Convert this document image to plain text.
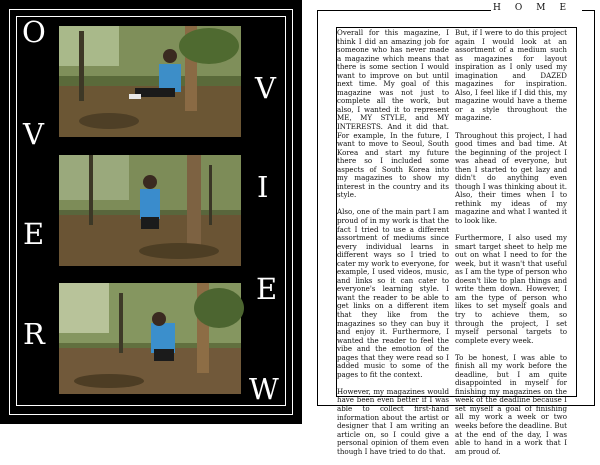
O
V
E
R
V
I
E
W
HOME

Overall for this magazine, I think I did an amazing job for someone who has never made a magazine which means that there is some section I would want to improve on but until next time. My goal of this magazine was not just to complete all the work, but also, I wanted it to represent ME, MY STYLE, and MY INTERESTS. And it did that. For example, In the future, I want to move to Seoul, South Korea and start my future there so I included some aspects of South Korea into my magazines to show my interest in the country and its style.

Also, one of the main part I am proud of in my work is that the fact I tried to use a different assortment of mediums since every individual learns in different ways so I tried to cater my work to everyone, for example, I used videos, music, and links so it can cater to everyone's learning style. I want the reader to be able to get links on a different item that they like from the magazines so they can buy it and enjoy it. Furthermore, I wanted the reader to feel the vibe and the emotion of the pages that they were read so I added music to some of the pages to fit the context.

However, my magazines would have been even better if I was able to collect first-hand information about the artist or designer that I am writing an article on, so I could give a personal opinion of them even though I have tried to do that.

But, if I were to do this project again I would look at an assortment of a medium such as magazines for layout inspiration as I only used my imagination and DAZED magazines for inspiration. Also, I feel like if I did this, my magazine would have a theme or a style throughout the magazine.

Throughout this project, I had good times and bad time. At the beginning of the project I was ahead of everyone, but then I started to get lazy and didn't do anything even though I was thinking about it. Also, their times when I to rethink my ideas of my magazine and what I wanted it to look like.

Furthermore, I also used my smart target sheet to help me out on what I need to for the week, but it wasn't that useful as I am the type of person who doesn't like to plan things and write them down. However, I am the type of person who likes to set myself goals and try to achieve them, so through the project, I set myself personal targets to complete every week.

To be honest, I was able to finish all my work before the deadline, but I am quite disappointed in myself for finishing my magazines on the week of the deadline because I set myself a goal of finishing all my work a week or two weeks before the deadline. But at the end of the day, I was able to hand in a work that I am proud of.
